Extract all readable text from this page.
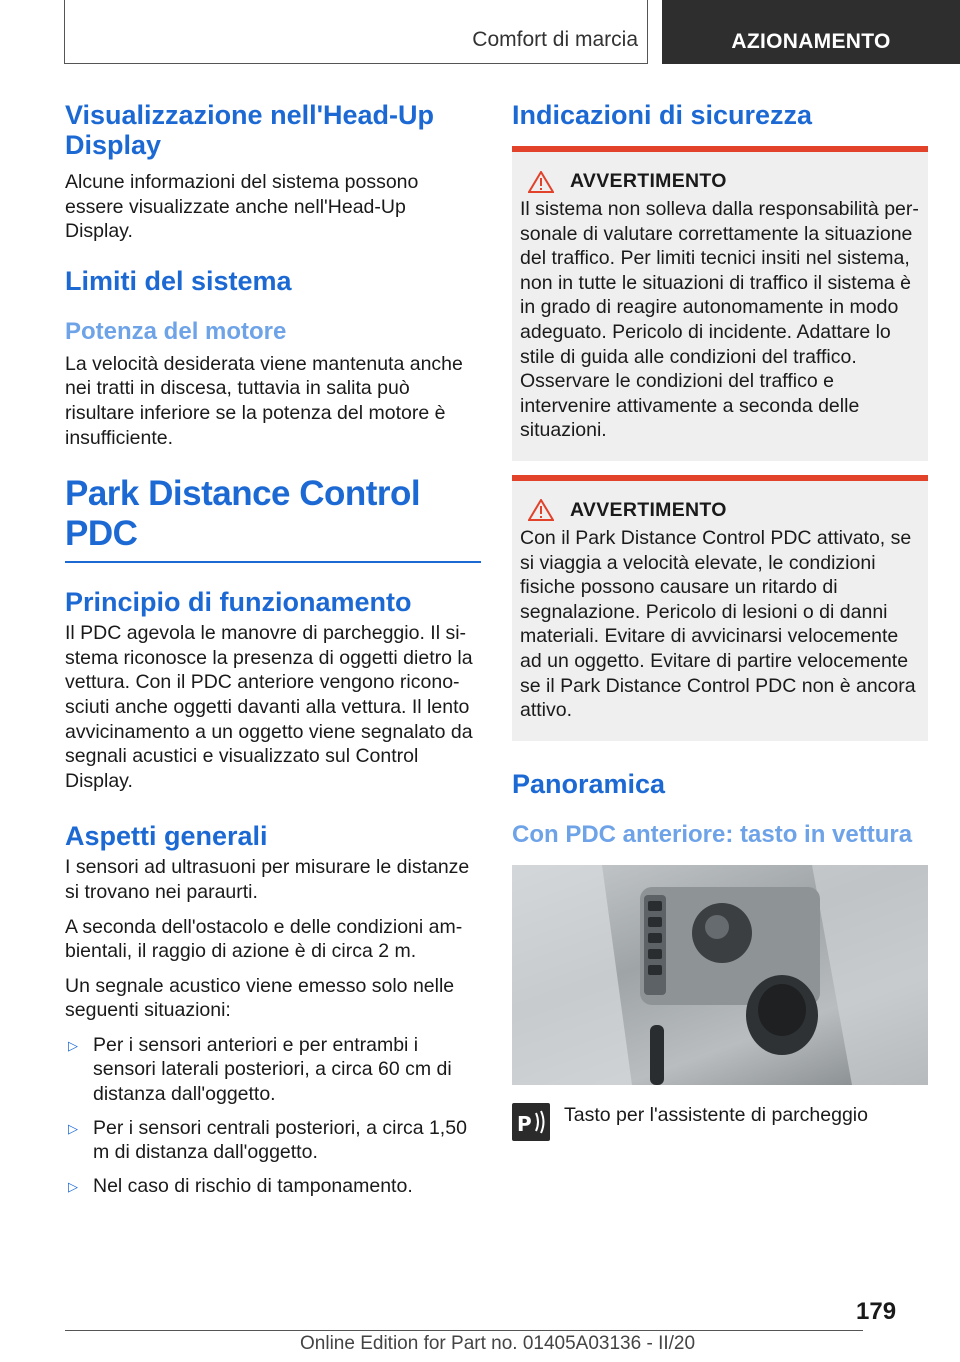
Comfort di marcia	AZIONAMENTO
Visualizzazione nell'Head-Up Display

Alcune informazioni del sistema possono essere visualizzate anche nell'Head-Up Display.

Limiti del sistema
Potenza del motore

La velocità desiderata viene mantenuta anche nei tratti in discesa, tuttavia in salita può risultare inferiore se la potenza del motore è insufficiente.

Park Distance Control PDC
Principio di funzionamento

Il PDC agevola le manovre di parcheggio. Il sistema riconosce la presenza di oggetti dietro la vettura. Con il PDC anteriore vengono riconosciuti anche oggetti davanti alla vettura. Il lento avvicinamento a un oggetto viene segnalato da segnali acustici e visualizzato sul Control Display.

Aspetti generali

I sensori ad ultrasuoni per misurare le distanze si trovano nei paraurti.

A seconda dell'ostacolo e delle condizioni ambientali, il raggio di azione è di circa 2 m.

Un segnale acustico viene emesso solo nelle seguenti situazioni:

▷ Per i sensori anteriori e per entrambi i sensori laterali posteriori, a circa 60 cm di distanza dall'oggetto.
▷ Per i sensori centrali posteriori, a circa 1,50 m di distanza dall'oggetto.
▷ Nel caso di rischio di tamponamento.
Indicazioni di sicurezza
AVVERTIMENTO

Il sistema non solleva dalla responsabilità personale di valutare correttamente la situazione del traffico. Per limiti tecnici insiti nel sistema, non in tutte le situazioni di traffico il sistema è in grado di reagire autonomamente in modo adeguato. Pericolo di incidente. Adattare lo stile di guida alle condizioni del traffico. Osservare le condizioni del traffico e intervenire attivamente a seconda delle situazioni.

AVVERTIMENTO

Con il Park Distance Control PDC attivato, se si viaggia a velocità elevate, le condizioni fisiche possono causare un ritardo di segnalazione. Pericolo di lesioni o di danni materiali. Evitare di avvicinarsi velocemente ad un oggetto. Evitare di partire velocemente se il Park Distance Control PDC non è ancora attivo.

Panoramica
Con PDC anteriore: tasto in vettura
P Tasto per l'assistente di parcheggio

179
Online Edition for Part no. 01405A03136 - II/20
